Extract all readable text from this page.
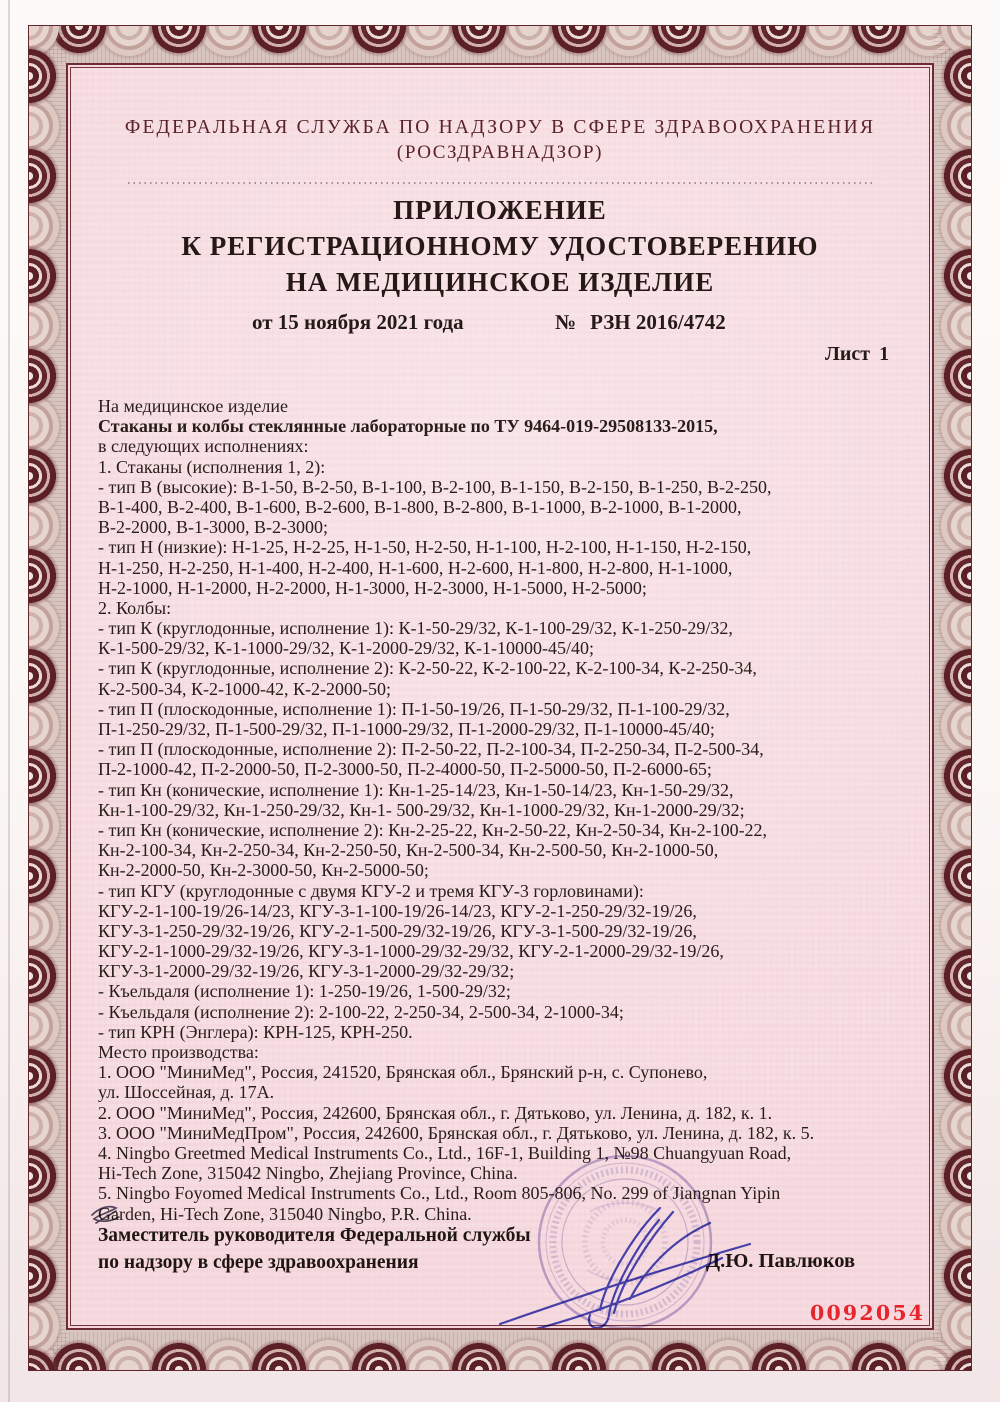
ФЕДЕРАЛЬНАЯ СЛУЖБА ПО НАДЗОРУ В СФЕРЕ ЗДРАВООХРАНЕНИЯ
(РОСЗДРАВНАДЗОР)
ПРИЛОЖЕНИЕ
К РЕГИСТРАЦИОННОМУ УДОСТОВЕРЕНИЮ
НА МЕДИЦИНСКОЕ ИЗДЕЛИЕ
от 15 ноября 2021 года	№ РЗН 2016/4742
Лист 1
На медицинское изделие
Стаканы и колбы стеклянные лабораторные по ТУ 9464-019-29508133-2015,
в следующих исполнениях:
1. Стаканы (исполнения 1, 2):
- тип В (высокие): В-1-50, В-2-50, В-1-100, В-2-100, В-1-150, В-2-150, В-1-250, В-2-250,
В-1-400, В-2-400, В-1-600, В-2-600, В-1-800, В-2-800, В-1-1000, В-2-1000, В-1-2000,
В-2-2000, В-1-3000, В-2-3000;
- тип Н (низкие): Н-1-25, Н-2-25, Н-1-50, Н-2-50, Н-1-100, Н-2-100, Н-1-150, Н-2-150,
Н-1-250, Н-2-250, Н-1-400, Н-2-400, Н-1-600, Н-2-600, Н-1-800, Н-2-800, Н-1-1000,
Н-2-1000, Н-1-2000, Н-2-2000, Н-1-3000, Н-2-3000, Н-1-5000, Н-2-5000;
2. Колбы:
- тип К (круглодонные, исполнение 1): К-1-50-29/32, К-1-100-29/32, К-1-250-29/32,
К-1-500-29/32, К-1-1000-29/32, К-1-2000-29/32, К-1-10000-45/40;
- тип К (круглодонные, исполнение 2): К-2-50-22, К-2-100-22, К-2-100-34, К-2-250-34,
К-2-500-34, К-2-1000-42, К-2-2000-50;
- тип П (плоскодонные, исполнение 1): П-1-50-19/26, П-1-50-29/32, П-1-100-29/32,
П-1-250-29/32, П-1-500-29/32, П-1-1000-29/32, П-1-2000-29/32, П-1-10000-45/40;
- тип П (плоскодонные, исполнение 2): П-2-50-22, П-2-100-34, П-2-250-34, П-2-500-34,
П-2-1000-42, П-2-2000-50, П-2-3000-50, П-2-4000-50, П-2-5000-50, П-2-6000-65;
- тип Кн (конические, исполнение 1): Кн-1-25-14/23, Кн-1-50-14/23, Кн-1-50-29/32,
Кн-1-100-29/32, Кн-1-250-29/32, Кн-1- 500-29/32, Кн-1-1000-29/32, Кн-1-2000-29/32;
- тип Кн (конические, исполнение 2): Кн-2-25-22, Кн-2-50-22, Кн-2-50-34, Кн-2-100-22,
Кн-2-100-34, Кн-2-250-34, Кн-2-250-50, Кн-2-500-34, Кн-2-500-50, Кн-2-1000-50,
Кн-2-2000-50, Кн-2-3000-50, Кн-2-5000-50;
- тип КГУ (круглодонные с двумя КГУ-2 и тремя КГУ-3 горловинами):
КГУ-2-1-100-19/26-14/23, КГУ-3-1-100-19/26-14/23, КГУ-2-1-250-29/32-19/26,
КГУ-3-1-250-29/32-19/26, КГУ-2-1-500-29/32-19/26, КГУ-3-1-500-29/32-19/26,
КГУ-2-1-1000-29/32-19/26, КГУ-3-1-1000-29/32-29/32, КГУ-2-1-2000-29/32-19/26,
КГУ-3-1-2000-29/32-19/26, КГУ-3-1-2000-29/32-29/32;
- Къельдаля (исполнение 1): 1-250-19/26, 1-500-29/32;
- Къельдаля (исполнение 2): 2-100-22, 2-250-34, 2-500-34, 2-1000-34;
- тип КРН (Энглера): КРН-125, КРН-250.
Место производства:
1. ООО "МиниМед", Россия, 241520, Брянская обл., Брянский р-н, с. Супонево,
ул. Шоссейная, д. 17А.
2. ООО "МиниМед", Россия, 242600, Брянская обл., г. Дятьково, ул. Ленина, д. 182, к. 1.
3. ООО "МиниМедПром", Россия, 242600, Брянская обл., г. Дятьково, ул. Ленина, д. 182, к. 5.
4. Ningbo Greetmed Medical Instruments Co., Ltd., 16F-1, Building 1, №98 Chuangyuan Road,
Hi-Tech Zone, 315042 Ningbo, Zhejiang Province, China.
5. Ningbo Foyomed Medical Instruments Co., Ltd., Room 805-806, No. 299 of Jiangnan Yipin
Garden, Hi-Tech Zone, 315040 Ningbo, P.R. China.
Заместитель руководителя Федеральной службы
по надзору в сфере здравоохранения	Д.Ю. Павлюков
0092054
